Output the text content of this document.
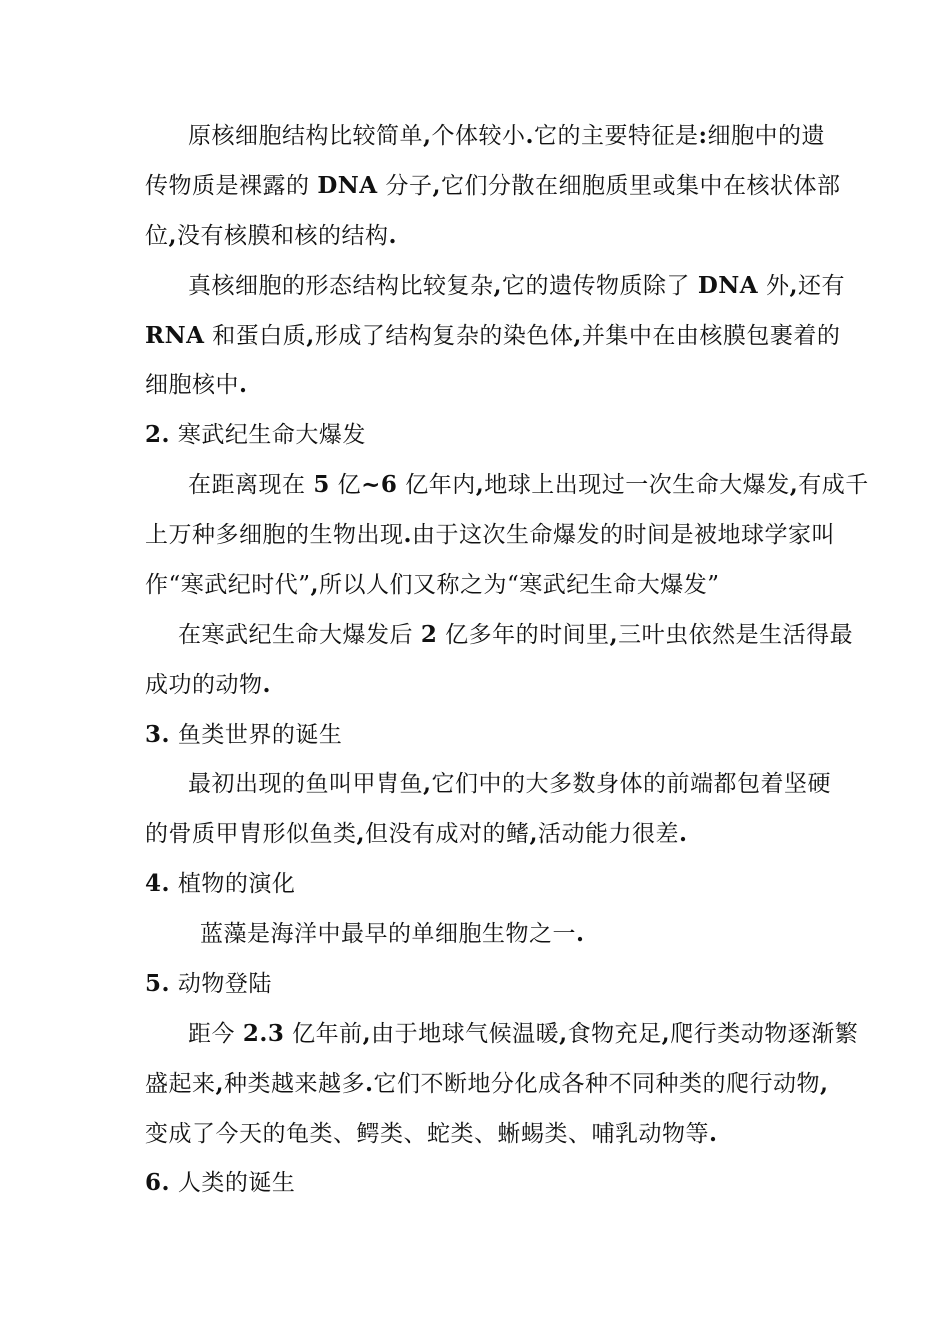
原核细胞结构比较简单,个体较小.它的主要特征是:细胞中的遗
传物质是裸露的 DNA 分子,它们分散在细胞质里或集中在核状体部
位,没有核膜和核的结构.
真核细胞的形态结构比较复杂,它的遗传物质除了 DNA 外,还有
RNA 和蛋白质,形成了结构复杂的染色体,并集中在由核膜包裹着的
细胞核中.
2. 寒武纪生命大爆发
在距离现在 5 亿~6 亿年内,地球上出现过一次生命大爆发,有成千
上万种多细胞的生物出现.由于这次生命爆发的时间是被地球学家叫
作“寒武纪时代”,所以人们又称之为“寒武纪生命大爆发”
在寒武纪生命大爆发后 2 亿多年的时间里,三叶虫依然是生活得最
成功的动物.
3. 鱼类世界的诞生
最初出现的鱼叫甲胄鱼,它们中的大多数身体的前端都包着坚硬
的骨质甲胄形似鱼类,但没有成对的鳍,活动能力很差.
4. 植物的演化
蓝藻是海洋中最早的单细胞生物之一.
5. 动物登陆
距今 2.3 亿年前,由于地球气候温暖,食物充足,爬行类动物逐渐繁
盛起来,种类越来越多.它们不断地分化成各种不同种类的爬行动物,
变成了今天的龟类、鳄类、蛇类、蜥蜴类、哺乳动物等.
6. 人类的诞生
